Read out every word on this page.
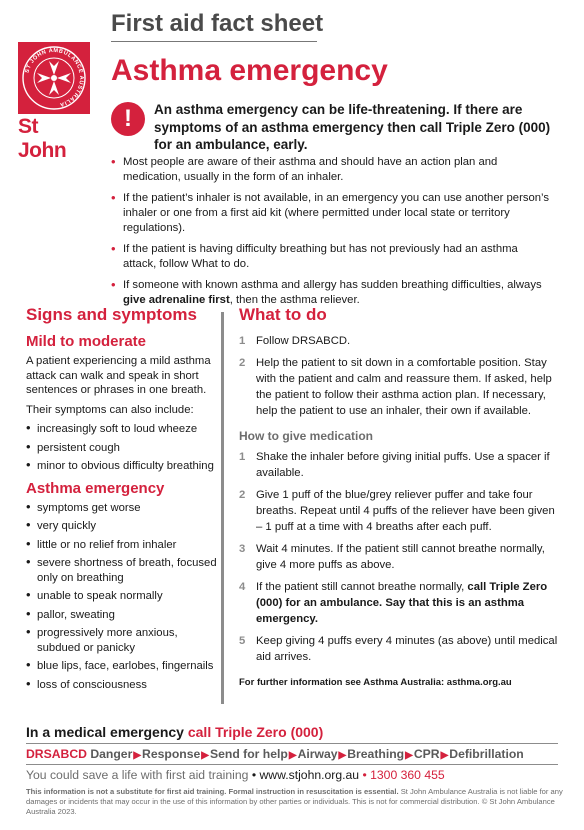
ST JOHN AMBULANCE AUSTRALIA
St John
First aid fact sheet
Asthma emergency
!	An asthma emergency can be life-threatening. If there are symptoms of an asthma emergency then call Triple Zero (000) for an ambulance, early.
• Most people are aware of their asthma and should have an action plan and medication, usually in the form of an inhaler.
• If the patient’s inhaler is not available, in an emergency you can use another person’s inhaler or one from a first aid kit (where permitted under local state or territory regulations).
• If the patient is having difficulty breathing but has not previously had an asthma attack, follow What to do.
• If someone with known asthma and allergy has sudden breathing difficulties, always give adrenaline first, then the asthma reliever.
Signs and symptoms
Mild to moderate
A patient experiencing a mild asthma attack can walk and speak in short sentences or phrases in one breath.
Their symptoms can also include:
• increasingly soft to loud wheeze
• persistent cough
• minor to obvious difficulty breathing
Asthma emergency
• symptoms get worse
• very quickly
• little or no relief from inhaler
• severe shortness of breath, focused only on breathing
• unable to speak normally
• pallor, sweating
• progressively more anxious, subdued or panicky
• blue lips, face, earlobes, fingernails
• loss of consciousness
What to do
1 Follow DRSABCD.
2 Help the patient to sit down in a comfortable position. Stay with the patient and calm and reassure them. If asked, help the patient to follow their asthma action plan. If necessary, help the patient to use an inhaler, their own if available.
How to give medication
1 Shake the inhaler before giving initial puffs. Use a spacer if available.
2 Give 1 puff of the blue/grey reliever puffer and take four breaths. Repeat until 4 puffs of the reliever have been given – 1 puff at a time with 4 breaths after each puff.
3 Wait 4 minutes. If the patient still cannot breathe normally, give 4 more puffs as above.
4 If the patient still cannot breathe normally, call Triple Zero (000) for an ambulance. Say that this is an asthma emergency.
5 Keep giving 4 puffs every 4 minutes (as above) until medical aid arrives.
For further information see Asthma Australia: asthma.org.au
In a medical emergency call Triple Zero (000)
DRSABCD Danger▶Response▶Send for help▶Airway▶Breathing▶CPR▶Defibrillation
You could save a life with first aid training • www.stjohn.org.au • 1300 360 455
This information is not a substitute for first aid training. Formal instruction in resuscitation is essential. St John Ambulance Australia is not liable for any damages or incidents that may occur in the use of this information by other parties or individuals. This is not for commercial distribution. © St John Ambulance Australia 2023.
